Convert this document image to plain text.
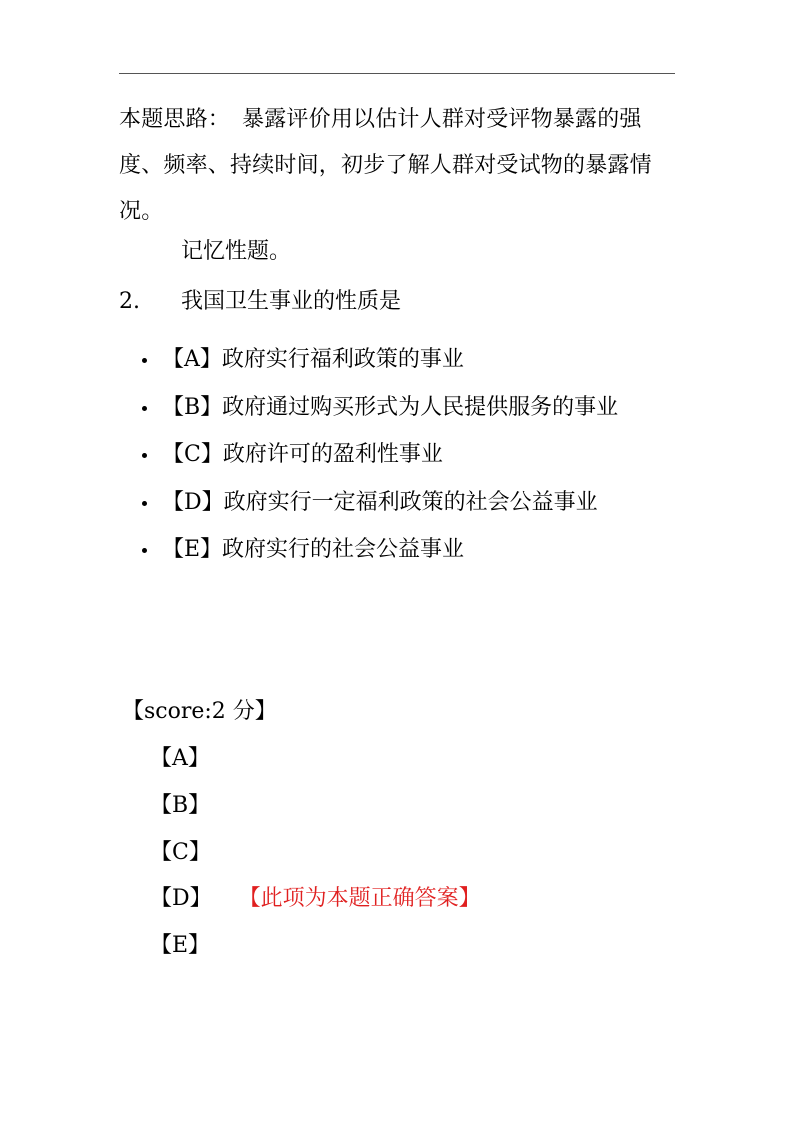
本题思路： 暴露评价用以估计人群对受评物暴露的强度、频率、持续时间，初步了解人群对受试物的暴露情况。
记忆性题。
2. 我国卫生事业的性质是
【A】政府实行福利政策的事业
【B】政府通过购买形式为人民提供服务的事业
【C】政府许可的盈利性事业
【D】政府实行一定福利政策的社会公益事业
【E】政府实行的社会公益事业
【score:2 分】
【A】
【B】
【C】
【D】 【此项为本题正确答案】
【E】
